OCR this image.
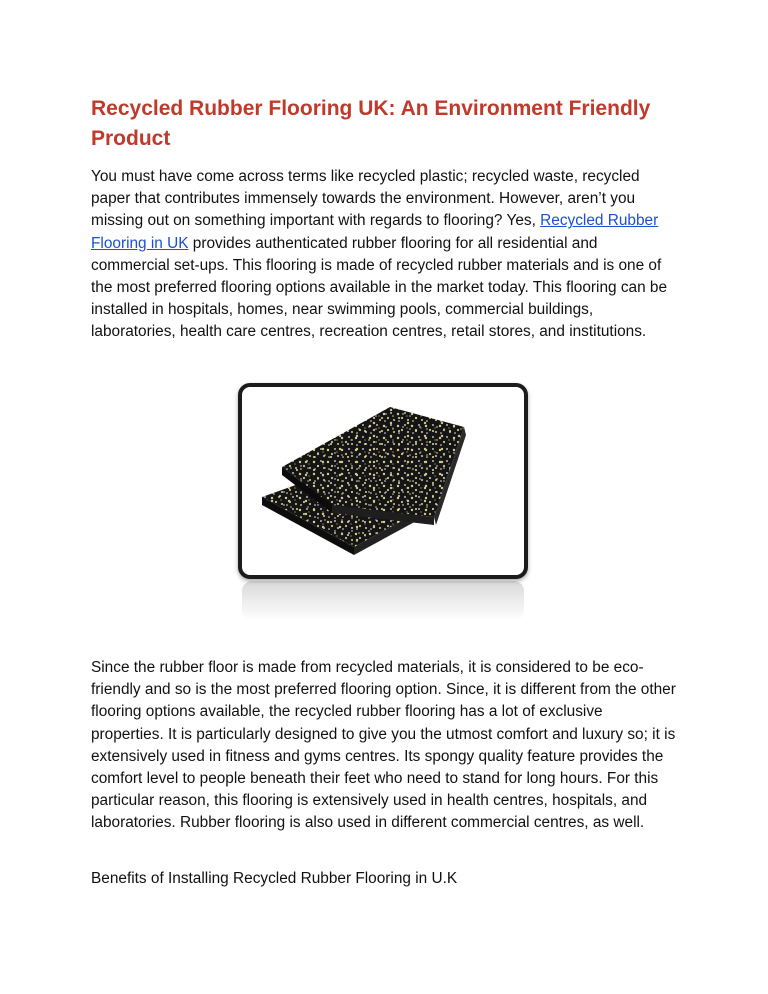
Recycled Rubber Flooring UK: An Environment Friendly Product

You must have come across terms like recycled plastic; recycled waste, recycled paper that contributes immensely towards the environment. However, aren’t you missing out on something important with regards to flooring? Yes, Recycled Rubber Flooring in UK provides authenticated rubber flooring for all residential and commercial set-ups. This flooring is made of recycled rubber materials and is one of the most preferred flooring options available in the market today. This flooring can be installed in hospitals, homes, near swimming pools, commercial buildings, laboratories, health care centres, recreation centres, retail stores, and institutions.

Since the rubber floor is made from recycled materials, it is considered to be eco-friendly and so is the most preferred flooring option. Since, it is different from the other flooring options available, the recycled rubber flooring has a lot of exclusive properties. It is particularly designed to give you the utmost comfort and luxury so; it is extensively used in fitness and gyms centres. Its spongy quality feature provides the comfort level to people beneath their feet who need to stand for long hours. For this particular reason, this flooring is extensively used in health centres, hospitals, and laboratories. Rubber flooring is also used in different commercial centres, as well.

Benefits of Installing Recycled Rubber Flooring in U.K
